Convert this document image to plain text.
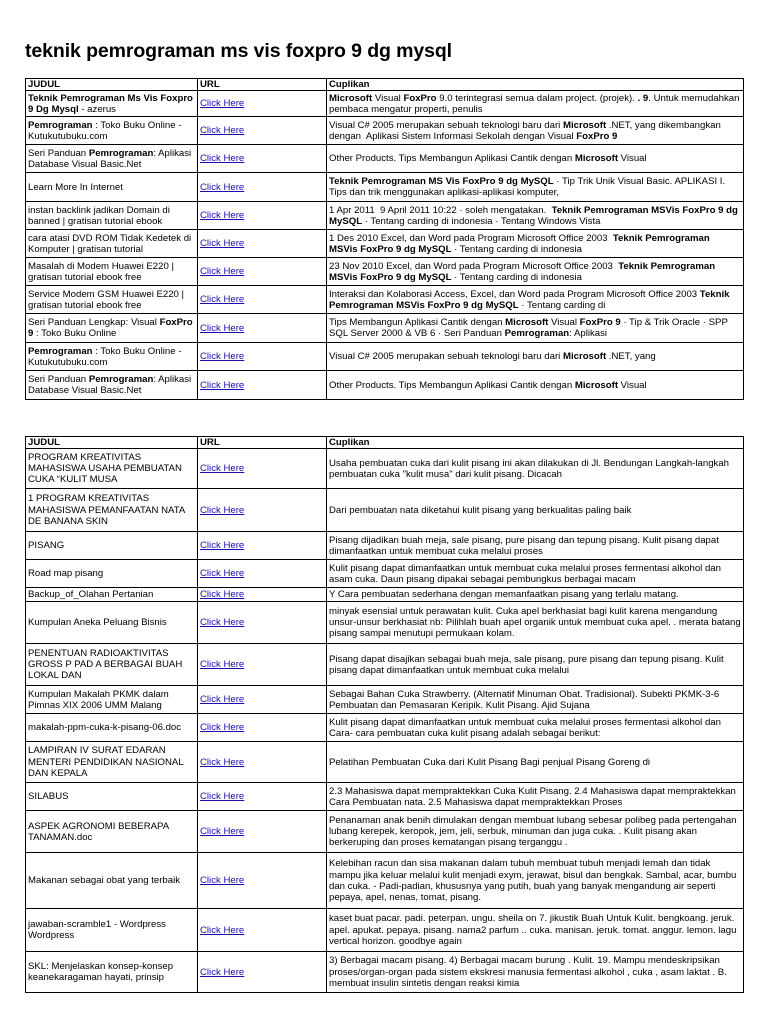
teknik pemrograman ms vis foxpro 9 dg mysql
JUDUL	URL	Cuplikan
Teknik Pemrograman Ms Vis Foxpro 9 Dg Mysql - azerus	Click Here	Microsoft Visual FoxPro 9.0 terintegrasi semua dalam project. (projek). . 9. Untuk memudahkan pembaca mengatur properti, penulis
Pemrograman : Toko Buku Online - Kutukutubuku.com	Click Here	Visual C# 2005 merupakan sebuah teknologi baru dari Microsoft .NET, yang dikembangkan dengan  Aplikasi Sistem Informasi Sekolah dengan Visual FoxPro 9
Seri Panduan Pemrograman: Aplikasi Database Visual Basic.Net	Click Here	Other Products. Tips Membangun Aplikasi Cantik dengan Microsoft Visual
Learn More In Internet	Click Here	Teknik Pemrograman MS Vis FoxPro 9 dg MySQL · Tip Trik Unik Visual Basic. APLIKASI I. Tips dan trik menggunakan aplikasi-aplikasi komputer,
instan backlink jadikan Domain di banned | gratisan tutorial ebook	Click Here	1 Apr 2011  9 April 2011 10:22 · soleh mengatakan.  Teknik Pemrograman MSVis FoxPro 9 dg MySQL · Tentang carding di indonesia · Tentang Windows Vista
cara atasi DVD ROM Tidak Kedetek di Komputer | gratisan tutorial	Click Here	1 Des 2010 Excel, dan Word pada Program Microsoft Office 2003  Teknik Pemrograman MSVis FoxPro 9 dg MySQL · Tentang carding di indonesia
Masalah di Modem Huawei E220 | gratisan tutorial ebook free	Click Here	23 Nov 2010 Excel, dan Word pada Program Microsoft Office 2003  Teknik Pemrograman MSVis FoxPro 9 dg MySQL · Tentang carding di indonesia
Service Modem GSM Huawei E220 | gratisan tutorial ebook free	Click Here	Interaksi dan Kolaborasi Access, Excel, dan Word pada Program Microsoft Office 2003 Teknik Pemrograman MSVis FoxPro 9 dg MySQL · Tentang carding di
Seri Panduan Lengkap: Visual FoxPro 9 : Toko Buku Online	Click Here	Tips Membangun Aplikasi Cantik dengan Microsoft Visual FoxPro 9 · Tip & Trik Oracle · SPP SQL Server 2000 & VB 6 · Seri Panduan Pemrograman: Aplikasi
Pemrograman : Toko Buku Online - Kutukutubuku.com	Click Here	Visual C# 2005 merupakan sebuah teknologi baru dari Microsoft .NET, yang
Seri Panduan Pemrograman: Aplikasi Database Visual Basic.Net	Click Here	Other Products. Tips Membangun Aplikasi Cantik dengan Microsoft Visual
JUDUL	URL	Cuplikan
PROGRAM KREATIVITAS MAHASISWA USAHA PEMBUATAN CUKA “KULIT MUSA	Click Here	Usaha pembuatan cuka dari kulit pisang ini akan dilakukan di Jl. Bendungan Langkah-langkah pembuatan cuka "kulit musa" dari kulit pisang. Dicacah
1 PROGRAM KREATIVITAS MAHASISWA PEMANFAATAN NATA DE BANANA SKIN	Click Here	Dari pembuatan nata diketahui kulit pisang yang berkualitas paling baik
PISANG	Click Here	Pisang dijadikan buah meja, sale pisang, pure pisang dan tepung pisang. Kulit pisang dapat dimanfaatkan untuk membuat cuka melalui proses
Road map pisang	Click Here	Kulit pisang dapat dimanfaatkan untuk membuat cuka melalui proses fermentasi alkohol dan asam cuka. Daun pisang dipakai sebagai pembungkus berbagai macam
Backup_of_Olahan Pertanian	Click Here	Y Cara pembuatan sederhana dengan memanfaatkan pisang yang terlalu matang.
Kumpulan Aneka Peluang Bisnis	Click Here	minyak esensial untuk perawatan kulit. Cuka apel berkhasiat bagi kulit karena mengandung unsur-unsur berkhasiat nb: Pilihlah buah apel organik untuk membuat cuka apel. . merata batang pisang sampai menutupi permukaan kolam.
PENENTUAN RADIOAKTIVITAS GROSS P PAD A BERBAGAI BUAH LOKAL DAN	Click Here	Pisang dapat disajikan sebagai buah meja, sale pisang, pure pisang dan tepung pisang. Kulit pisang dapat dimanfaatkan untuk membuat cuka melalui
Kumpulan Makalah PKMK dalam Pimnas XIX 2006 UMM Malang	Click Here	Sebagai Bahan Cuka Strawberry. (Alternatif Minuman Obat. Tradisional). Subekti PKMK-3-6 Pembuatan dan Pemasaran Keripik. Kulit Pisang. Ajid Sujana
makalah-ppm-cuka-k-pisang-06.doc	Click Here	Kulit pisang dapat dimanfaatkan untuk membuat cuka melalui proses fermentasi alkohol dan Cara- cara pembuatan cuka kulit pisang adalah sebagai berikut:
LAMPIRAN IV SURAT EDARAN MENTERI PENDIDIKAN NASIONAL DAN KEPALA	Click Here	Pelatihan Pembuatan Cuka dari Kulit Pisang Bagi penjual Pisang Goreng di
SILABUS	Click Here	2.3 Mahasiswa dapat mempraktekkan Cuka Kulit Pisang. 2.4 Mahasiswa dapat mempraktekkan Cara Pembuatan nata. 2.5 Mahasiswa dapat mempraktekkan Proses
ASPEK AGRONOMI BEBERAPA TANAMAN.doc	Click Here	Penanaman anak benih dimulakan dengan membuat lubang sebesar polibeg pada pertengahan lubang kerepek, keropok, jem, jeli, serbuk, minuman dan juga cuka. . Kulit pisang akan berkeruping dan proses kematangan pisang terganggu .
Makanan sebagai obat yang terbaik	Click Here	Kelebihan racun dan sisa makanan dalam tubuh membuat tubuh menjadi lemah dan tidak mampu jika keluar melalui kulit menjadi exym, jerawat, bisul dan bengkak. Sambal, acar, bumbu dan cuka. - Padi-padian, khususnya yang putih, buah yang banyak mengandung air seperti pepaya, apel, nenas, tomat, pisang.
jawaban-scramble1 - Wordpress Wordpress	Click Here	kaset buat pacar. padi. peterpan. ungu. sheila on 7. jikustik Buah Untuk Kulit. bengkoang. jeruk. apel. apukat. pepaya. pisang. nama2 parfum .. cuka. manisan. jeruk. tomat. anggur. lemon. lagu vertical horizon. goodbye again
SKL: Menjelaskan konsep-konsep keanekaragaman hayati, prinsip	Click Here	3) Berbagai macam pisang. 4) Berbagai macam burung . Kulit. 19. Mampu mendeskripsikan proses/organ-organ pada sistem ekskresi manusia fermentasi alkohol , cuka , asam laktat . B. membuat insulin sintetis dengan reaksi kimia
